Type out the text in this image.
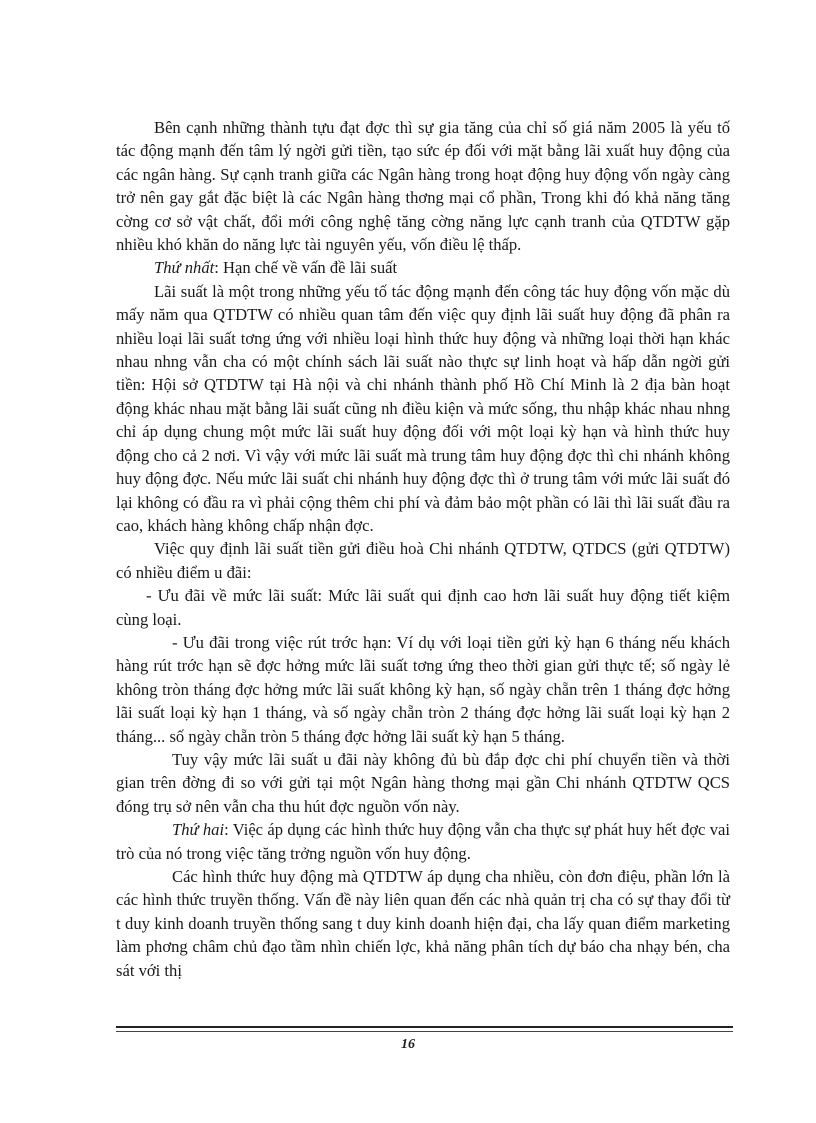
Bên cạnh những thành tựu đạt đợc thì sự gia tăng của chỉ số giá năm 2005 là yếu tố tác động mạnh đến tâm lý ngời gửi tiền, tạo sức ép đối với mặt bằng lãi xuất huy động của các ngân hàng. Sự cạnh tranh giữa các Ngân hàng trong hoạt động huy động vốn ngày càng trở nên gay gắt đặc biệt là các Ngân hàng thơng mại cổ phần, Trong khi đó khả năng tăng cờng cơ sở vật chất, đổi mới công nghệ tăng cờng năng lực cạnh tranh của QTDTW gặp nhiều khó khăn do năng lực tài nguyên yếu, vốn điều lệ thấp.

Thứ nhất: Hạn chế về vấn đề lãi suất

Lãi suất là một trong những yếu tố tác động mạnh đến công tác huy động vốn mặc dù mấy năm qua QTDTW có nhiều quan tâm đến việc quy định lãi suất huy động đã phân ra nhiều loại lãi suất tơng ứng với nhiều loại hình thức huy động và những loại thời hạn khác nhau nhng vẫn cha có một chính sách lãi suất nào thực sự linh hoạt và hấp dẫn ngời gửi tiền: Hội sở QTDTW tại Hà nội và chi nhánh thành phố Hồ Chí Minh là 2 địa bàn hoạt động khác nhau mặt bằng lãi suất cũng nh điều kiện và mức sống, thu nhập khác nhau nhng chỉ áp dụng chung một mức lãi suất huy động đối với một loại kỳ hạn và hình thức huy động cho cả 2 nơi. Vì vậy với mức lãi suất mà trung tâm huy động đợc thì chi nhánh không huy động đợc. Nếu mức lãi suất chi nhánh huy động đợc thì ở trung tâm với mức lãi suất đó lại không có đầu ra vì phải cộng thêm chi phí và đảm bảo một phần có lãi thì lãi suất đầu ra cao, khách hàng không chấp nhận đợc.

Việc quy định lãi suất tiền gửi điều hoà Chi nhánh QTDTW, QTDCS (gửi QTDTW) có nhiều điểm u đãi:

- Ưu đãi về mức lãi suất: Mức lãi suất qui định cao hơn lãi suất huy động tiết kiệm cùng loại.

- Ưu đãi trong việc rút trớc hạn: Ví dụ với loại tiền gửi kỳ hạn 6 tháng nếu khách hàng rút trớc hạn sẽ đợc hởng mức lãi suất tơng ứng theo thời gian gửi thực tế; số ngày lẻ không tròn tháng đợc hởng mức lãi suất không kỳ hạn, số ngày chẵn trên 1 tháng đợc hởng lãi suất loại kỳ hạn 1 tháng, và số ngày chẵn tròn 2 tháng đợc hởng lãi suất loại kỳ hạn 2 tháng... số ngày chẵn tròn 5 tháng đợc hởng lãi suất kỳ hạn 5 tháng.

Tuy vậy mức lãi suất u đãi này không đủ bù đắp đợc chi phí chuyển tiền và thời gian trên đờng đi so với gửi tại một Ngân hàng thơng mại gần Chi nhánh QTDTW QCS đóng trụ sở nên vẫn cha thu hút đợc nguồn vốn này.

Thứ hai: Việc áp dụng các hình thức huy động vẫn cha thực sự phát huy hết đợc vai trò của nó trong việc tăng trởng nguồn vốn huy động.

Các hình thức huy động mà QTDTW áp dụng cha nhiều, còn đơn điệu, phần lớn là các hình thức truyền thống. Vấn đề này liên quan đến các nhà quản trị cha có sự thay đổi từ t duy kinh doanh truyền thống sang t duy kinh doanh hiện đại, cha lấy quan điểm marketing làm phơng châm chủ đạo tầm nhìn chiến lợc, khả năng phân tích dự báo cha nhạy bén, cha sát với thị

16
